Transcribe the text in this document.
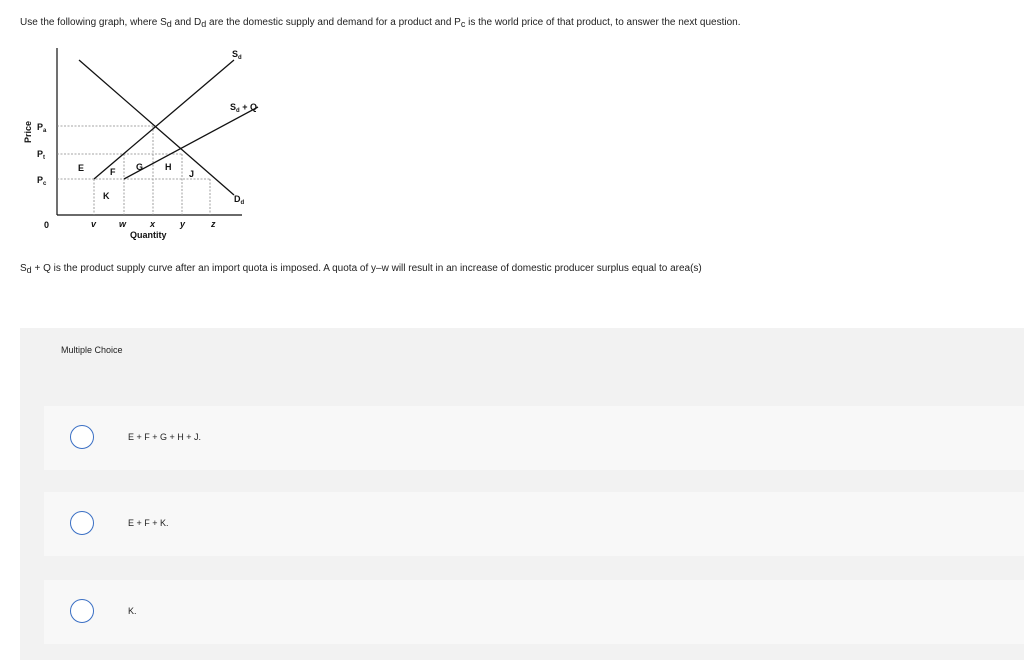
Use the following graph, where $S_d$ and $D_d$ are the domestic supply and demand for a product and $P_c$ is the world price of that product, to answer the next question.
Price $P_a$
$P_t$
$P_c$
0	v	w	x	y	z
Quantity
E	F G H
J
K
$S_d$
$S_d + Q$
$D_d$
$S_d + Q$ is the product supply curve after an import quota is imposed. A quota of y–w will result in an increase of domestic producer surplus equal to area(s)
Multiple Choice
E + F + G + H + J.
E + F + K.
K.
